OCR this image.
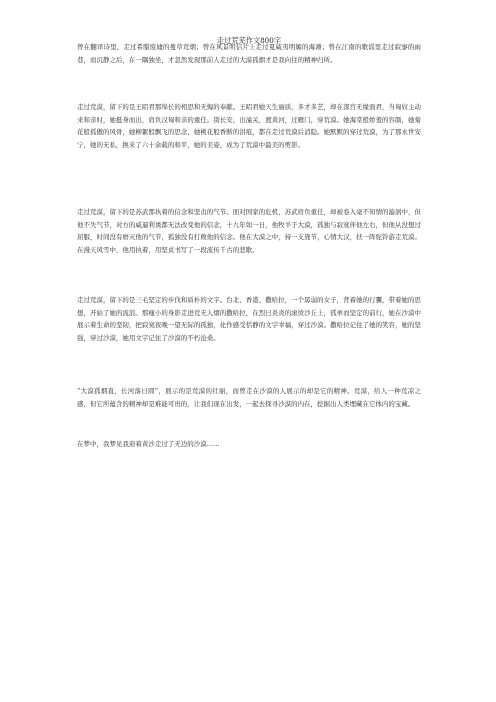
走过荒芜作文800字

曾在翻译诗里，走过希腊废墟的蔓草荒烟；曾在风景明信片上走过夏威夷明媚的海滩；曾在江南的歌谣里走过寂寥的雨巷，而沉静之后，在一隅独坐，才忽然发现那前人走过的大漠孤烟才是我向往的精神归所。

走过荒漠，留下的是王昭君那绵长的相思和无悔的奉献。王昭君她天生丽质，多才多艺，却在深宫无缘面君，当匈奴主动来和亲时，她挺身而出，肩负汉匈和亲的重任。别长安，出潼关，渡黄河，过雁门，穿荒漠。她海棠般娇羞的容颜，她菊花般孤傲的风骨，她柳絮般飘飞的思念，她桃花般香断的泪痕，都在走过荒漠后消隐。她默默的穿过荒漠，为了那永世安宁，她的无私，换来了六十余载的和平，她的美姿，成为了荒漠中最美的剪影。

走过荒漠，留下的是苏武那执着的信念和坚贞的气节。面对国家的危机，苏武肩负重任，却被卷入毫不知情的漩涡中，但他不失气节，对方的威逼利诱都无法改变他的信念，十九年如一日，他牧羊于大漠，孤独与寂寞伴他左右，但他从没想过屈服，时间没有磨灭他的气节，孤独没有打败他的信念。他在大漠之中，持一支旄节，心情大汉，扶一阵驼铃游走荒漠。在漫天风雪中，他用执着，用坚贞书写了一段流传千古的悲歌。

走过荒漠，留下的是三毛坚定的步伐和质朴的文字。台北、香港、撒哈拉，一个孱弱的女子，背着她的行囊，带着她的思想，开始了她的流浪。那瘦小的身影走进荒无人烟的撒哈拉，在烈日炎炎的滚烫沙丘上，孤单而坚定的前行，她在沙漠中展示着生命的坚韧，把寂寞夜晚一望无际的孤独，化作感受恬静的文字幸福，穿过沙漠。撒哈拉记住了她的笑容，她的坚强，穿过沙漠，她用文字记住了沙漠的不朽沧桑。

“大漠孤烟直，长河落日圆”，展示的是荒漠的壮丽，而曾走在沙漠的人展示的却是它的精神。荒漠，给人一种荒凉之感，但它所蕴含的精神却是难能可贵的，让我们现在出发，一起去探寻沙漠的内在，挖掘出人类埋藏在它体内的宝藏。

在梦中，我梦见我迎着黄沙走过了无边的沙漠……
